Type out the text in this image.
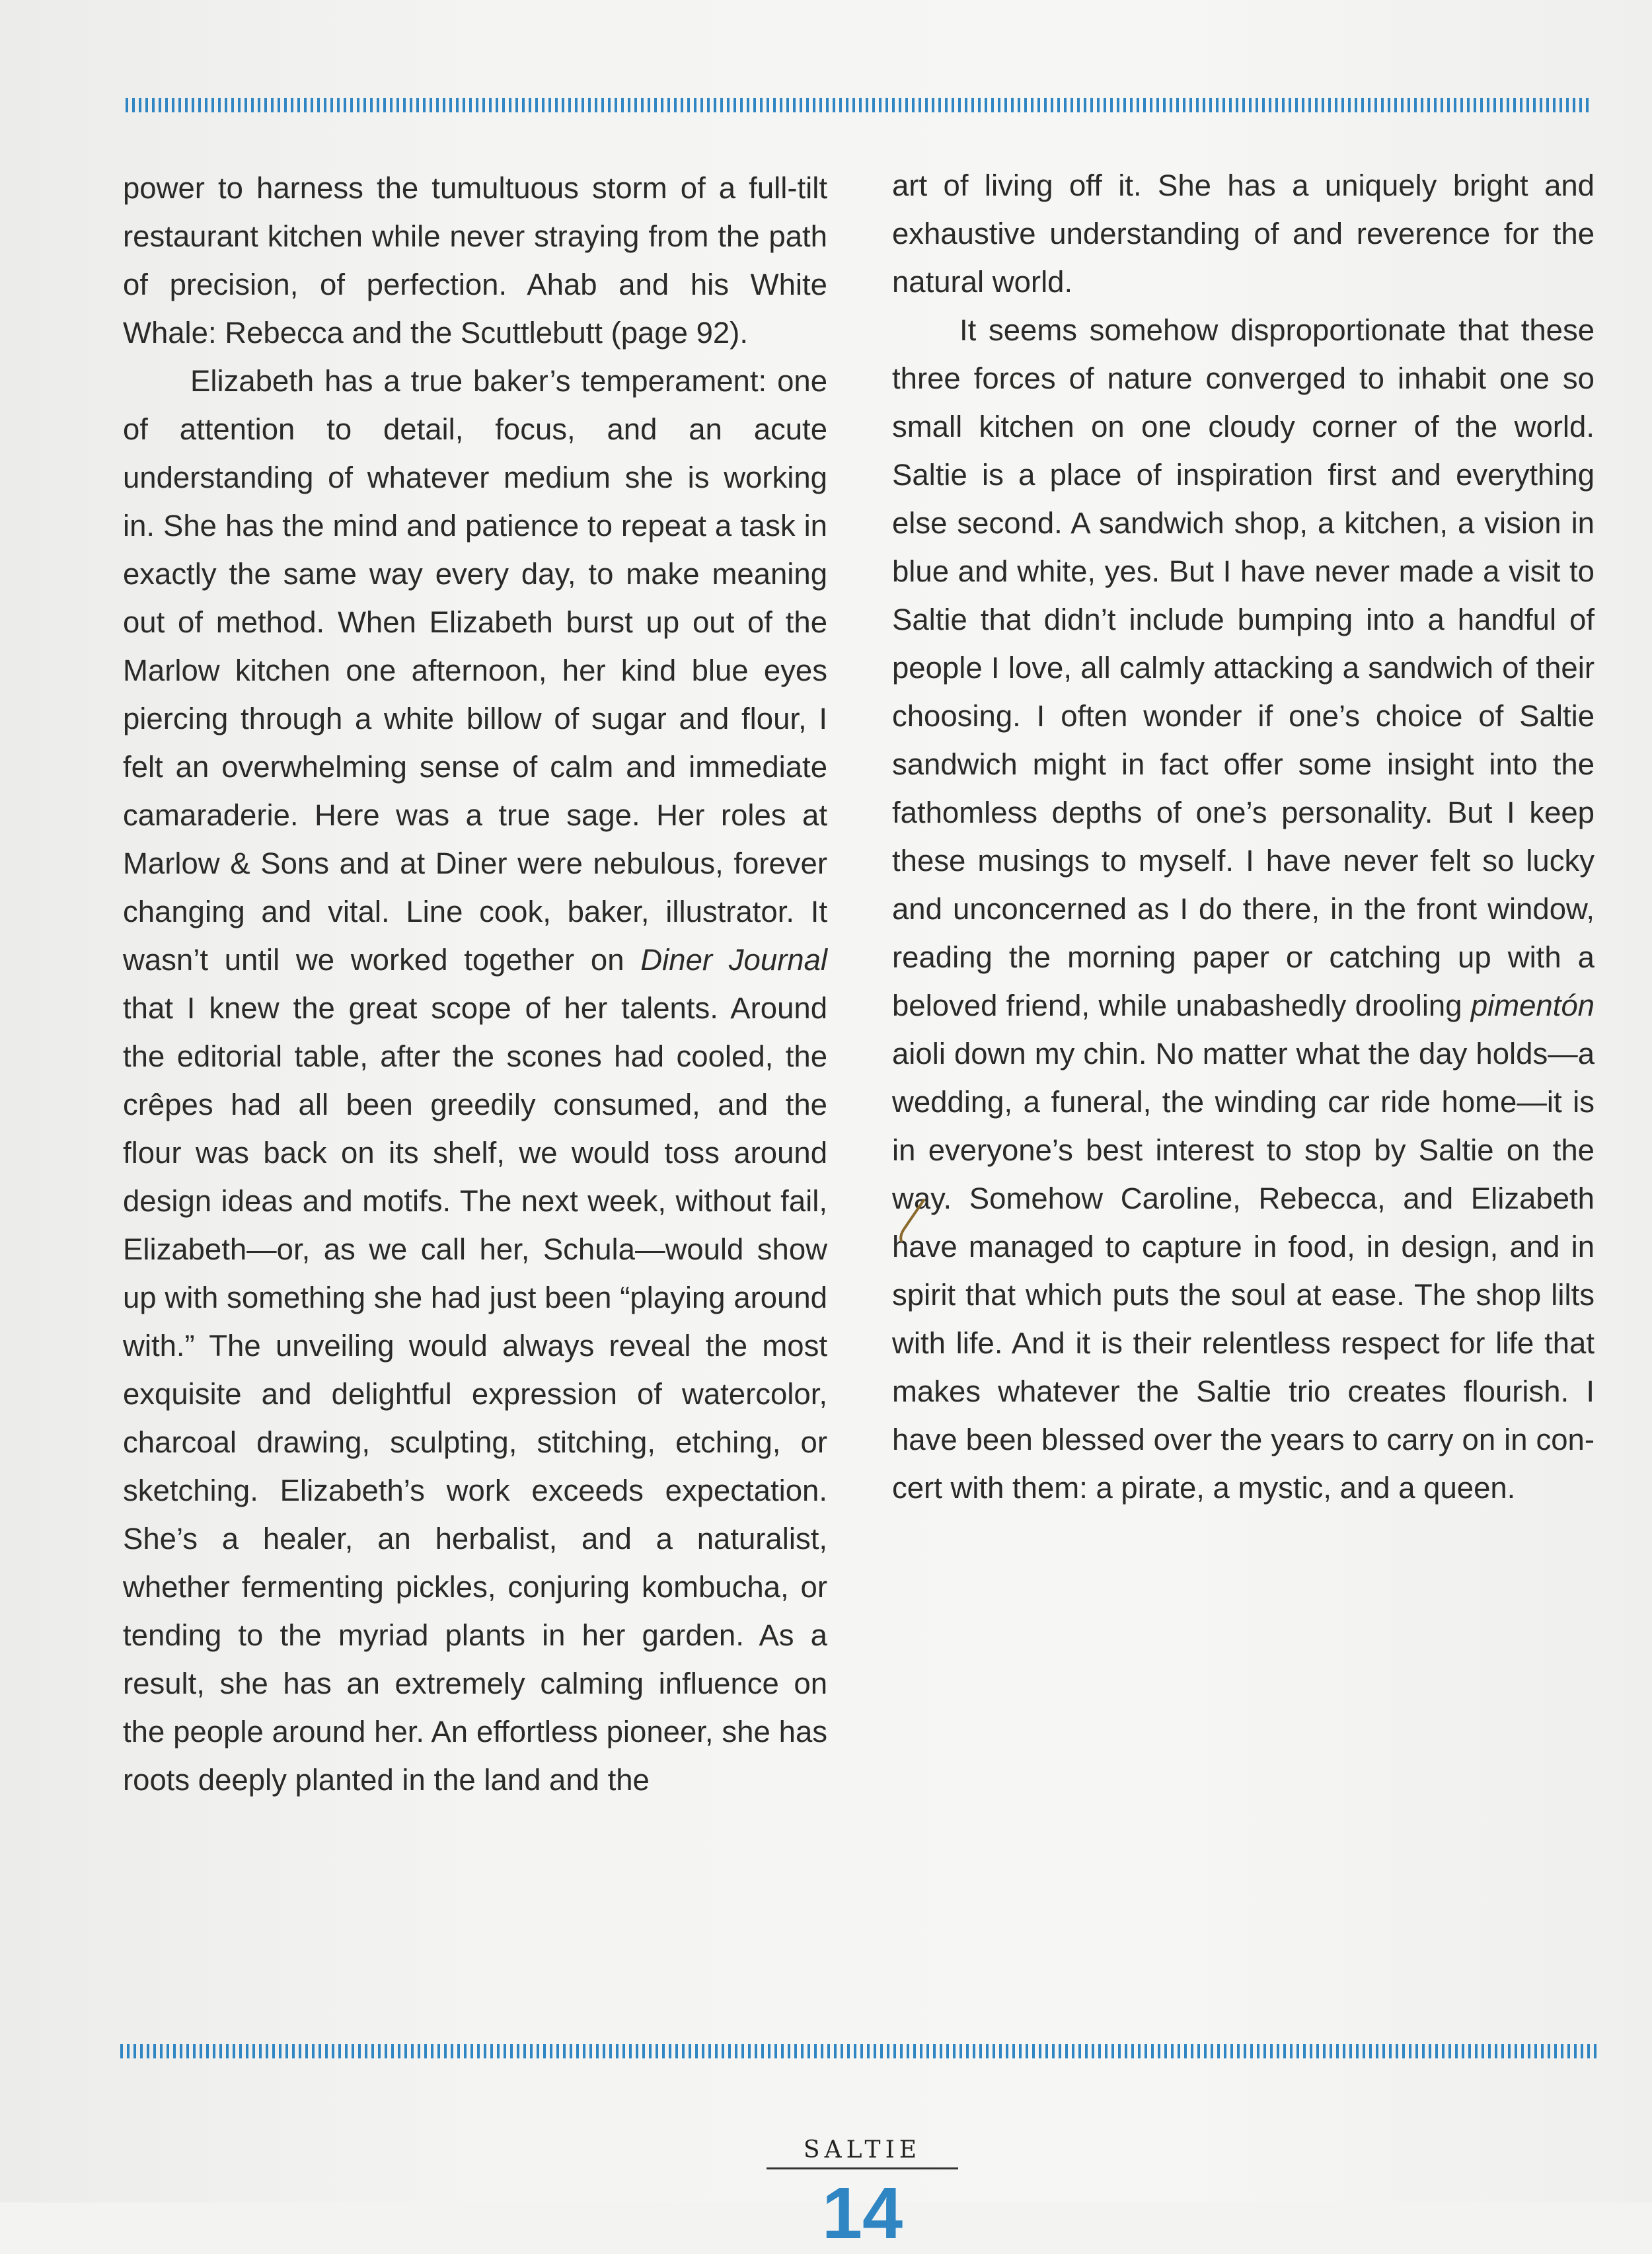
power to harness the tumultuous storm of a full-tilt restaurant kitchen while never straying from the path of precision, of perfection. Ahab and his White Whale: Rebecca and the Scuttlebutt (page 92).

Elizabeth has a true baker’s temperament: one of attention to detail, focus, and an acute understanding of whatever medium she is working in. She has the mind and patience to repeat a task in exactly the same way every day, to make meaning out of method. When Elizabeth burst up out of the Marlow kitchen one afternoon, her kind blue eyes piercing through a white billow of sugar and flour, I felt an overwhelming sense of calm and immediate camaraderie. Here was a true sage. Her roles at Marlow & Sons and at Diner were nebulous, forever changing and vital. Line cook, baker, illustrator. It wasn’t until we worked together on Diner Journal that I knew the great scope of her talents. Around the editorial table, after the scones had cooled, the crêpes had all been greedily consumed, and the flour was back on its shelf, we would toss around design ideas and motifs. The next week, without fail, Elizabeth—or, as we call her, Schula—would show up with something she had just been “playing around with.” The unveiling would always reveal the most exquisite and delightful expression of watercolor, charcoal drawing, sculpting, stitching, etching, or sketching. Elizabeth’s work exceeds expectation. She’s a healer, an herbalist, and a naturalist, whether fermenting pickles, conjuring kombucha, or tending to the myriad plants in her garden. As a result, she has an extremely calming influence on the people around her. An effortless pioneer, she has roots deeply planted in the land and the

art of living off it. She has a uniquely bright and exhaustive understanding of and reverence for the natural world.

It seems somehow disproportionate that these three forces of nature converged to inhabit one so small kitchen on one cloudy corner of the world. Saltie is a place of inspiration first and everything else second. A sandwich shop, a kitchen, a vision in blue and white, yes. But I have never made a visit to Saltie that didn’t include bumping into a handful of people I love, all calmly attacking a sandwich of their choosing. I often wonder if one’s choice of Saltie sandwich might in fact offer some insight into the fathomless depths of one’s personality. But I keep these musings to myself. I have never felt so lucky and unconcerned as I do there, in the front window, reading the morning paper or catching up with a beloved friend, while unabashedly drooling pimentón aioli down my chin. No matter what the day holds—a wedding, a funeral, the winding car ride home—it is in everyone’s best interest to stop by Saltie on the way. Somehow Caroline, Rebecca, and Elizabeth have managed to capture in food, in design, and in spirit that which puts the soul at ease. The shop lilts with life. And it is their relentless respect for life that makes whatever the Saltie trio creates flourish. I have been blessed over the years to carry on in concert with them: a pirate, a mystic, and a queen.

SALTIE
14
